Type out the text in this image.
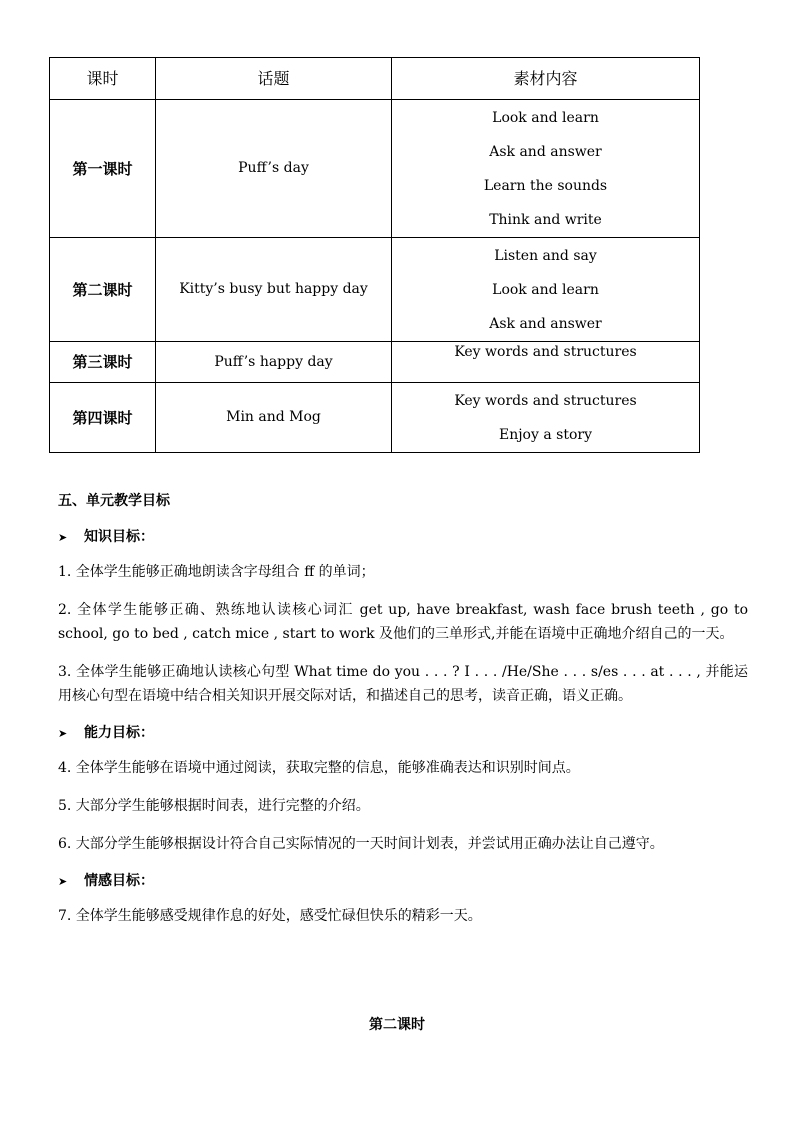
课时	话题	素材内容
第一课时	Puff’s day	Look and learn
Ask and answer
Learn the sounds
Think and write

第二课时	Kitty’s busy but happy day	Listen and say
Look and learn
Ask and answer

第三课时	Puff’s happy day	Key words and structures

第四课时	Min and Mog	Key words and structures
Enjoy a story
五、单元教学目标
➤ 知识目标：
1. 全体学生能够正确地朗读含字母组合 ff 的单词；
2. 全体学生能够正确、熟练地认读核心词汇 get up, have breakfast, wash face brush teeth , go to school, go to bed , catch mice , start to work 及他们的三单形式,并能在语境中正确地介绍自己的一天。
3. 全体学生能够正确地认读核心句型 What time do you . . . ? I . . . /He/She . . . s/es . . . at . . . , 并能运用核心句型在语境中结合相关知识开展交际对话，和描述自己的思考，读音正确，语义正确。
➤ 能力目标：
4. 全体学生能够在语境中通过阅读，获取完整的信息，能够准确表达和识别时间点。
5. 大部分学生能够根据时间表，进行完整的介绍。
6. 大部分学生能够根据设计符合自己实际情况的一天时间计划表，并尝试用正确办法让自己遵守。
➤ 情感目标：
7. 全体学生能够感受规律作息的好处，感受忙碌但快乐的精彩一天。
第二课时
